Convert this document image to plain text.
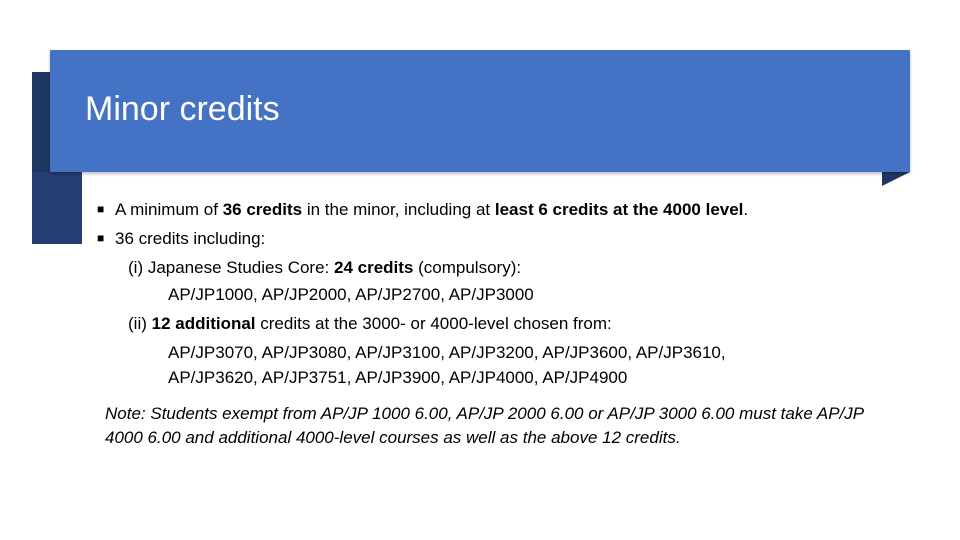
Minor credits
■ A minimum of 36 credits in the minor, including at least 6 credits at the 4000 level.
■ 36 credits including:
(i) Japanese Studies Core: 24 credits (compulsory):
AP/JP1000, AP/JP2000, AP/JP2700, AP/JP3000
(ii) 12 additional credits at the 3000- or 4000-level chosen from:
AP/JP3070, AP/JP3080, AP/JP3100, AP/JP3200, AP/JP3600, AP/JP3610,
AP/JP3620, AP/JP3751, AP/JP3900, AP/JP4000, AP/JP4900
Note: Students exempt from AP/JP 1000 6.00, AP/JP 2000 6.00 or AP/JP 3000 6.00 must take AP/JP 4000 6.00 and additional 4000-level courses as well as the above 12 credits.
